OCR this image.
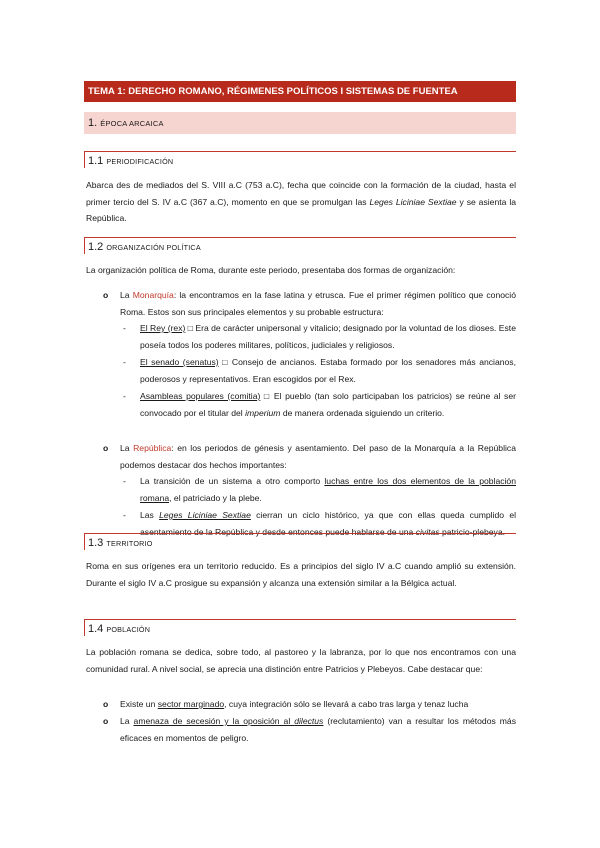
TEMA 1: DERECHO ROMANO, RÉGIMENES POLÍTICOS I SISTEMAS DE FUENTEA
1. ÉPOCA ARCAICA
1.1 PERIODIFICACIÓN
Abarca des de mediados del S. VIII a.C (753 a.C), fecha que coincide con la formación de la ciudad, hasta el primer tercio del S. IV a.C (367 a.C), momento en que se promulgan las Leges Liciniae Sextiae y se asienta la República.
1.2 ORGANIZACIÓN POLÍTICA
La organización política de Roma, durante este periodo, presentaba dos formas de organización:
o La Monarquía: la encontramos en la fase latina y etrusca. Fue el primer régimen político que conoció Roma. Estos son sus principales elementos y su probable estructura:
- El Rey (rex) □ Era de carácter unipersonal y vitalicio; designado por la voluntad de los dioses. Este poseía todos los poderes militares, políticos, judiciales y religiosos.
- El senado (senatus) □ Consejo de ancianos. Estaba formado por los senadores más ancianos, poderosos y representativos. Eran escogidos por el Rex.
- Asambleas populares (comitia) □ El pueblo (tan solo participaban los patricios) se reúne al ser convocado por el titular del imperium de manera ordenada siguiendo un criterio.
o La República: en los periodos de génesis y asentamiento. Del paso de la Monarquía a la República podemos destacar dos hechos importantes:
- La transición de un sistema a otro comporto luchas entre los dos elementos de la población romana, el patriciado y la plebe.
- Las Leges Liciniae Sextiae cierran un ciclo histórico, ya que con ellas queda cumplido el asentamiento de la República y desde entonces puede hablarse de una civitas patricio-plebeya.
1.3 TERRITORIO
Roma en sus orígenes era un territorio reducido. Es a principios del siglo IV a.C cuando amplió su extensión. Durante el siglo IV a.C prosigue su expansión y alcanza una extensión similar a la Bélgica actual.
1.4 POBLACIÓN
La población romana se dedica, sobre todo, al pastoreo y la labranza, por lo que nos encontramos con una comunidad rural. A nivel social, se aprecia una distinción entre Patricios y Plebeyos. Cabe destacar que:
o Existe un sector marginado, cuya integración sólo se llevará a cabo tras larga y tenaz lucha
o La amenaza de secesión y la oposición al dilectus (reclutamiento) van a resultar los métodos más eficaces en momentos de peligro.
